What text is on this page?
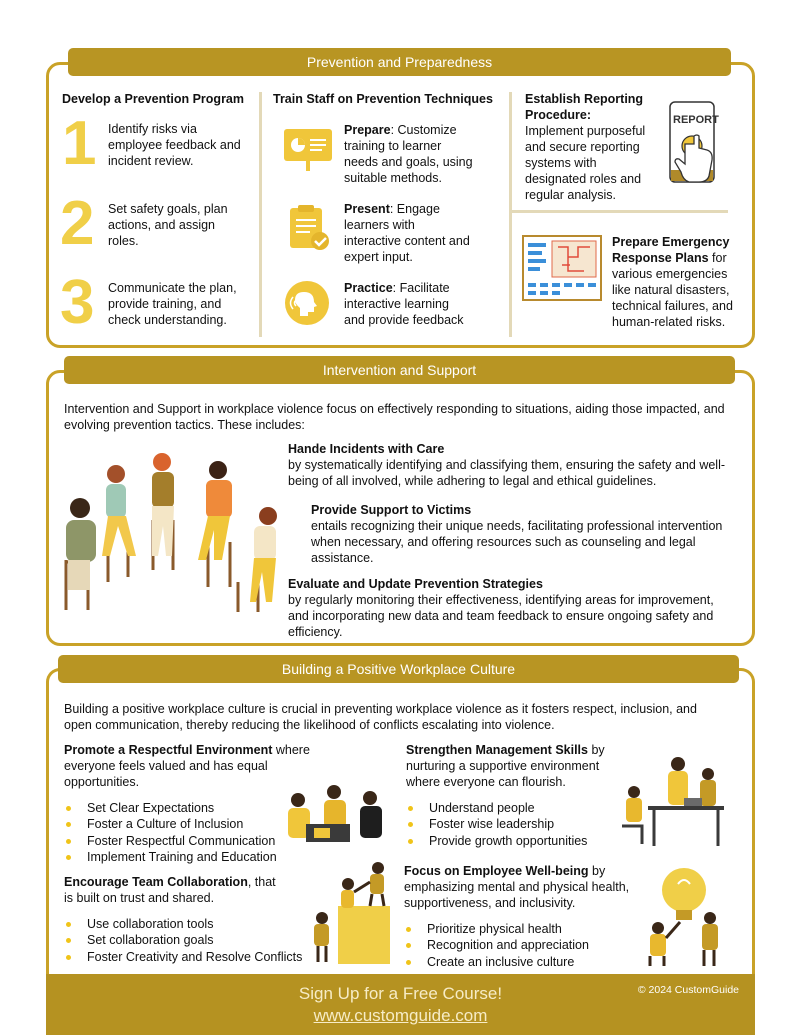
Prevention and Preparedness
Develop a Prevention Program
1 Identify risks via
employee feedback and
incident review.
2 Set safety goals, plan
actions, and assign
roles.
3 Communicate the plan,
provide training, and
check understanding.
Train Staff on Prevention Techniques
Prepare: Customize
training to learner
needs and goals, using
suitable methods.
Present: Engage
learners with
interactive content and
expert input.
Practice: Facilitate
interactive learning
and provide feedback
Establish Reporting
Procedure:
Implement purposeful
and secure reporting
systems with
designated roles and
regular analysis.
REPORT
Prepare Emergency
Response Plans for
various emergencies
like natural disasters,
technical failures, and
human-related risks.
Intervention and Support
Intervention and Support in workplace violence focus on effectively responding to situations, aiding those impacted, and
evolving prevention tactics. These includes:
Hande Incidents with Care
by systematically identifying and classifying them, ensuring the safety and well-
being of all involved, while adhering to legal and ethical guidelines.
Provide Support to Victims
entails recognizing their unique needs, facilitating professional intervention
when necessary, and offering resources such as counseling and legal
assistance.
Evaluate and Update Prevention Strategies
by regularly monitoring their effectiveness, identifying areas for improvement,
and incorporating new data and team feedback to ensure ongoing safety and
efficiency.
Building a Positive Workplace Culture
Building a positive workplace culture is crucial in preventing workplace violence as it fosters respect, inclusion, and
open communication, thereby reducing the likelihood of conflicts escalating into violence.
Promote a Respectful Environment where
everyone feels valued and has equal
opportunities.
Set Clear Expectations
Foster a Culture of Inclusion
Foster Respectful Communication
Implement Training and Education
Encourage Team Collaboration, that
is built on trust and shared.
Use collaboration tools
Set collaboration goals
Foster Creativity and Resolve Conflicts
Strengthen Management Skills by
nurturing a supportive environment
where everyone can flourish.
Understand people
Foster wise leadership
Provide growth opportunities
Focus on Employee Well-being by
emphasizing mental and physical health,
supportiveness, and inclusivity.
Prioritize physical health
Recognition and appreciation
Create an inclusive culture
Sign Up for a Free Course!
www.customguide.com
© 2024 CustomGuide
